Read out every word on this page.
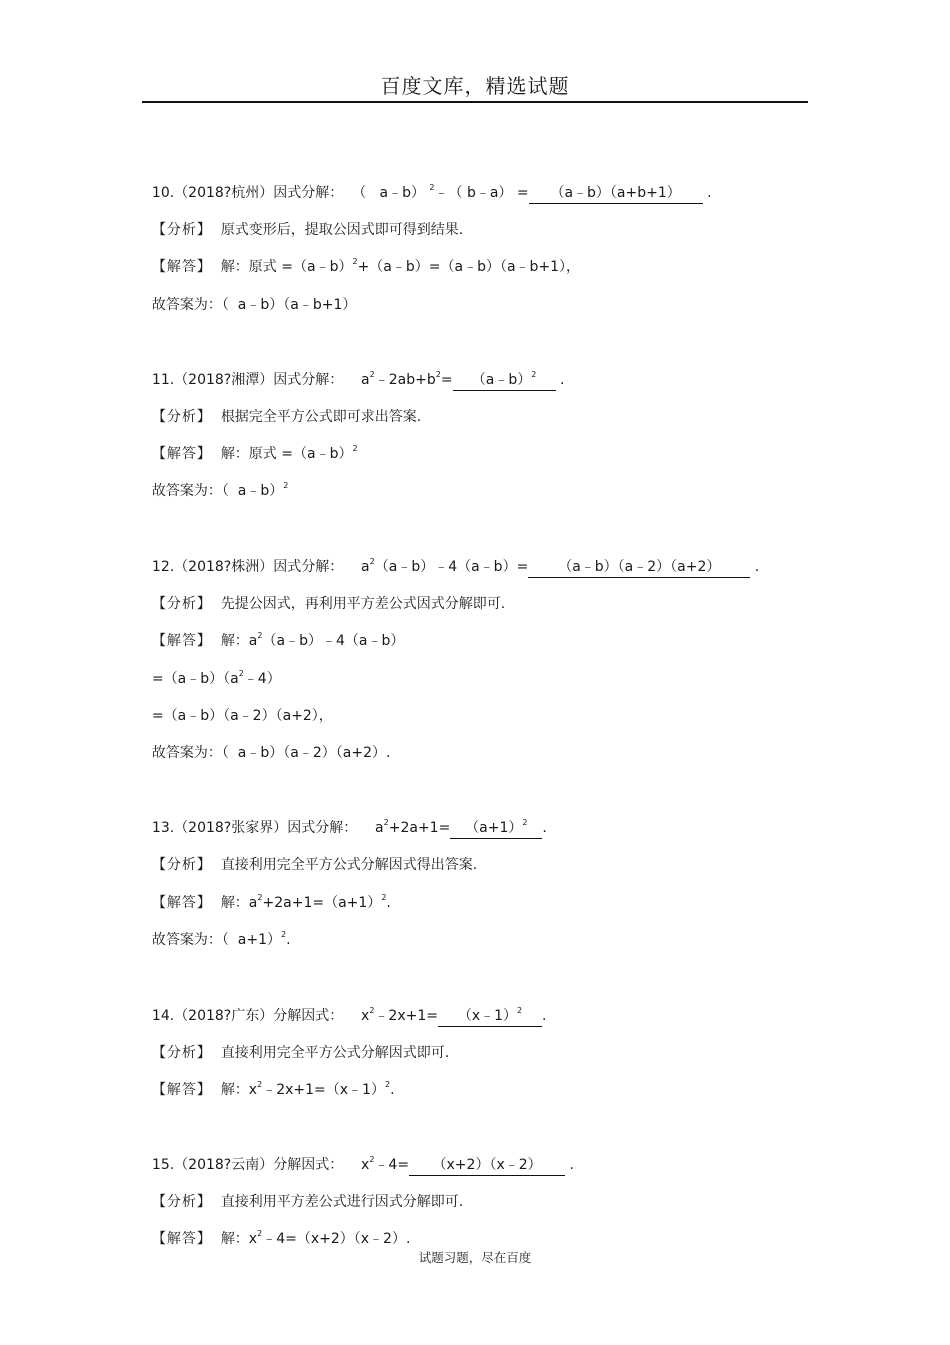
百度文库，精选试题

10.（2018?杭州）因式分解： （   a﹣b） $^2$﹣（ b﹣a） = （a﹣b）（a+b+1） .

【分析】 原式变形后，提取公因式即可得到结果.

【解答】 解：原式 =（a﹣b）$^2$+（a﹣b）=（a﹣b）（a﹣b+1），

故答案为：（  a﹣b）（a﹣b+1）

11.（2018?湘潭）因式分解： $a^2﹣2ab+b^2=$ （a﹣b）$^2$ .

【分析】 根据完全平方公式即可求出答案.

【解答】 解：原式 =（a﹣b）$^2$

故答案为：（  a﹣b）$^2$

12.（2018?株洲）因式分解： $a^2(a﹣b)﹣4(a﹣b)=$ （a﹣b）（a﹣2）（a+2） .

【分析】 先提公因式，再利用平方差公式因式分解即可.

【解答】 解：$a^2(a﹣b)﹣4(a﹣b)$

$=(a﹣b)(a^2﹣4)$

=（a﹣b）（a﹣2）（a+2），

故答案为：（  a﹣b）（a﹣2）（a+2）.

13.（2018?张家界）因式分解： $a^2+2a+1= (a+1)^2$ .

【分析】 直接利用完全平方公式分解因式得出答案.

【解答】 解：$a^2+2a+1=(a+1)^2$.

故答案为：（  a+1）$^2$.

14.（2018?广东）分解因式： $x^2﹣2x+1=$ （x﹣1）$^2$ .

【分析】 直接利用完全平方公式分解因式即可.

【解答】 解：$x^2﹣2x+1=(x﹣1)^2$.

15.（2018?云南）分解因式： $x^2﹣4=$ （x+2）（x﹣2） .

【分析】 直接利用平方差公式进行因式分解即可.

【解答】 解：$x^2﹣4=(x+2)(x﹣2)$.

试题习题，尽在百度
